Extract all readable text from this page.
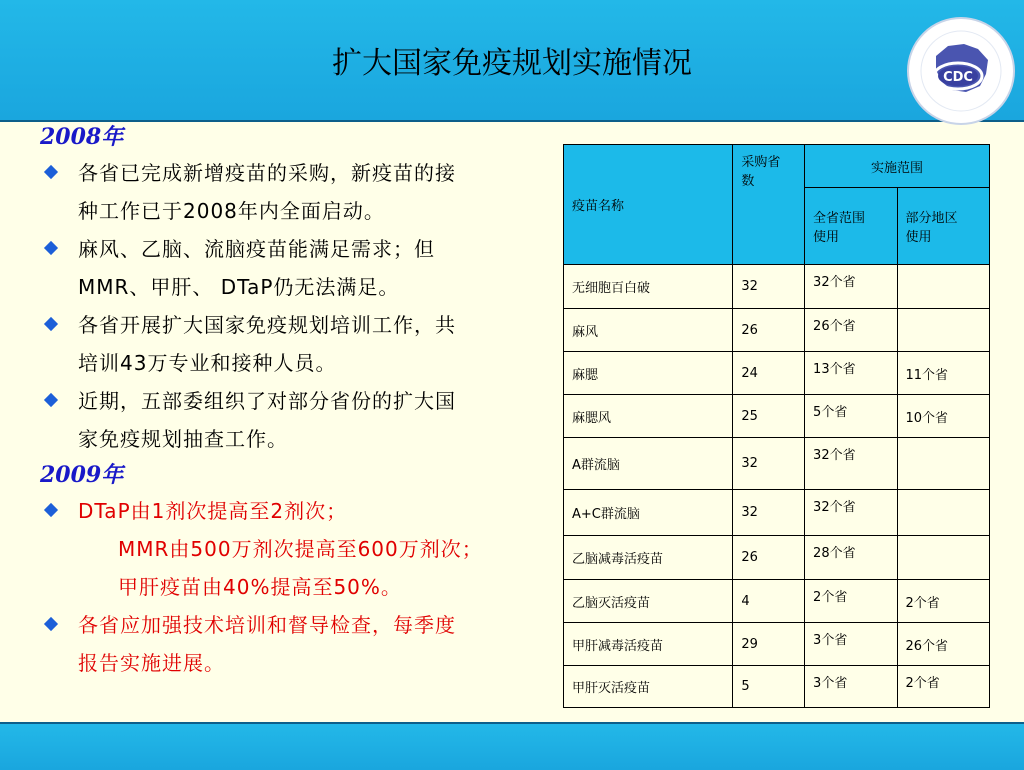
扩大国家免疫规划实施情况	CDC
2008年
各省已完成新增疫苗的采购，新疫苗的接
种工作已于2008年内全面启动。
麻风、乙脑、流脑疫苗能满足需求；但
MMR、甲肝、 DTaP仍无法满足。
各省开展扩大国家免疫规划培训工作，共
培训43万专业和接种人员。
近期，五部委组织了对部分省份的扩大国
家免疫规划抽查工作。
2009年
DTaP由1剂次提高至2剂次；
MMR由500万剂次提高至600万剂次；
甲肝疫苗由40%提高至50%。
各省应加强技术培训和督导检查，每季度
报告实施进展。
疫苗名称	采购省数	实施范围	

		全省范围使用	部分地区使用

无细胞百白破	32	32个省	
麻风	26	26个省	
麻腮	24	13个省	11个省
麻腮风	25	5个省	10个省
A群流脑	32	32个省	
A+C群流脑	32	32个省	
乙脑减毒活疫苗	26	28个省	
乙脑灭活疫苗	4	2个省	2个省
甲肝减毒活疫苗	29	3个省	26个省
甲肝灭活疫苗	5	3个省	2个省
